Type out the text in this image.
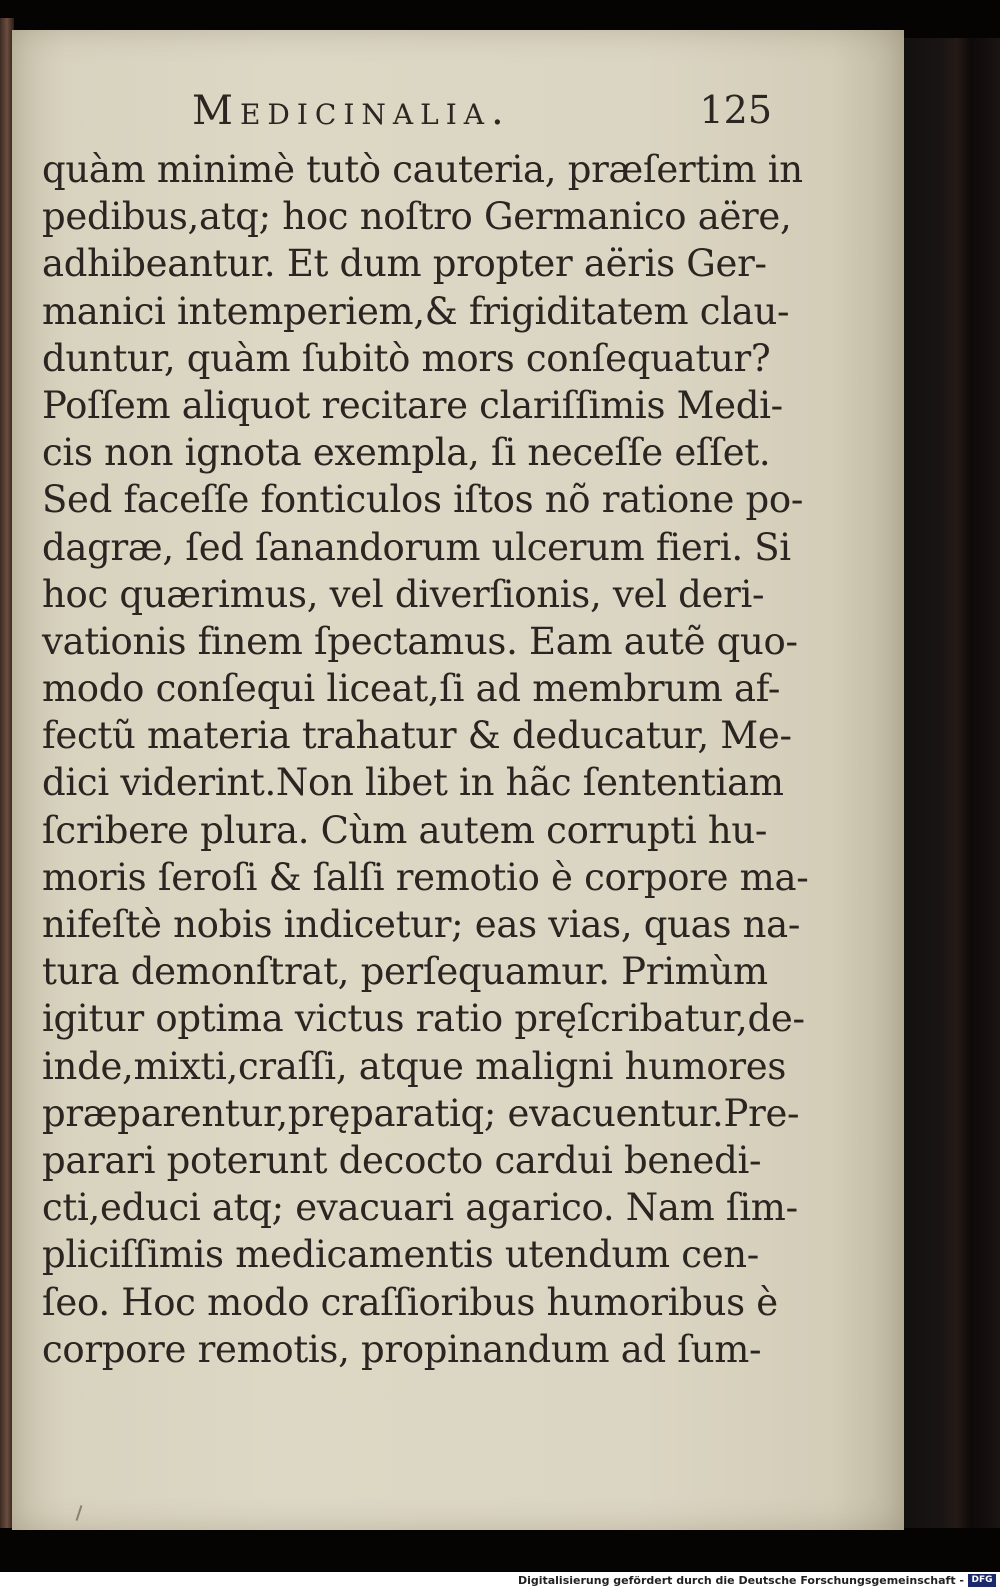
Medicinalia.	125
quàm minimè tutò cauteria, præſertim in
pedibus,atq; hoc noſtro Germanico aëre,
adhibeantur. Et dum propter aëris Ger-
manici intemperiem,& frigiditatem clau-
duntur, quàm ſubitò mors conſequatur?
Poſſem aliquot recitare clariſſimis Medi-
cis non ignota exempla, ſi neceſſe eſſet.
Sed faceſſe fonticulos iſtos nõ ratione po-
dagræ, ſed ſanandorum ulcerum fieri. Si
hoc quærimus, vel diverſionis, vel deri-
vationis finem ſpectamus. Eam autẽ quo-
modo conſequi liceat,ſi ad membrum af-
fectũ materia trahatur & deducatur, Me-
dici viderint.Non libet in hãc ſententiam
ſcribere plura. Cùm autem corrupti hu-
moris ſeroſi & ſalſi remotio è corpore ma-
nifeſtè nobis indicetur; eas vias, quas na-
tura demonſtrat, perſequamur. Primùm
igitur optima victus ratio pręſcribatur,de-
inde,mixti,craſſi, atque maligni humores
præparentur,pręparatiq; evacuentur.Pre-
parari poterunt decocto cardui benedi-
cti,educi atq; evacuari agarico. Nam ſim-
pliciſſimis medicamentis utendum cen-
ſeo. Hoc modo craſſioribus humoribus è
corpore remotis, propinandum ad ſum-
Digitalisierung gefördert durch die Deutsche Forschungsgemeinschaft - DFG
